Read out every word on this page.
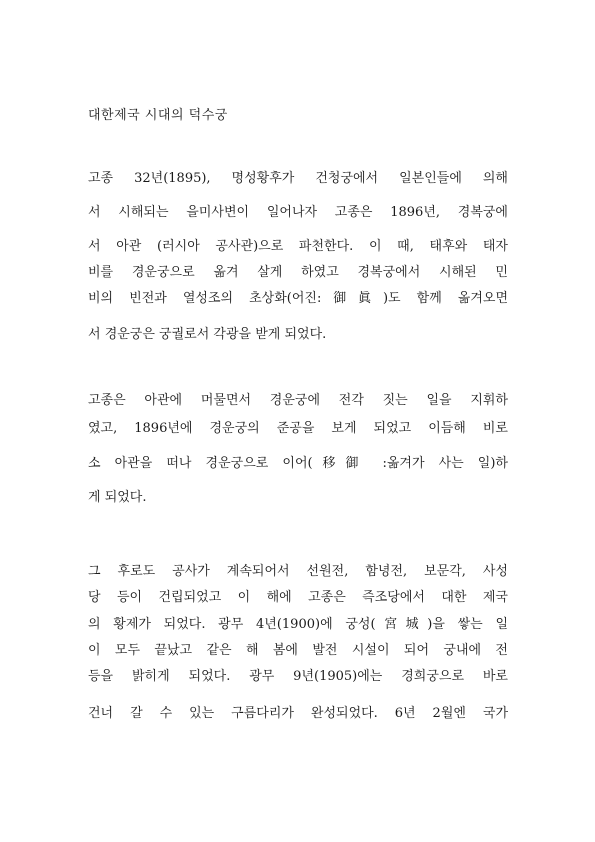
대한제국 시대의 덕수궁
고종 32년(1895), 명성황후가 건청궁에서 일본인들에 의해
서 시해되는 을미사변이 일어나자 고종은 1896년, 경복궁에
서 아관 (러시아 공사관)으로 파천한다. 이 때, 태후와 태자
비를 경운궁으로 옮겨 살게 하였고 경복궁에서 시해된 민
비의 빈전과 열성조의 초상화(어진:御眞)도 함께 옮겨오면
서 경운궁은 궁궐로서 각광을 받게 되었다.
고종은 아관에 머물면서 경운궁에 전각 짓는 일을 지휘하
였고, 1896년에 경운궁의 준공을 보게 되었고 이듬해 비로
소 아관을 떠나 경운궁으로 이어(移御 :옮겨가 사는 일)하
게 되었다.
그 후로도 공사가 계속되어서 선원전, 함녕전, 보문각, 사성
당 등이 건립되었고 이 해에 고종은 즉조당에서 대한 제국
의 황제가 되었다. 광무 4년(1900)에 궁성(宮城)을 쌓는 일
이 모두 끝났고 같은 해 봄에 발전 시설이 되어 궁내에 전
등을 밝히게 되었다. 광무 9년(1905)에는 경희궁으로 바로
건너 갈 수 있는 구름다리가 완성되었다. 6년 2월엔 국가
